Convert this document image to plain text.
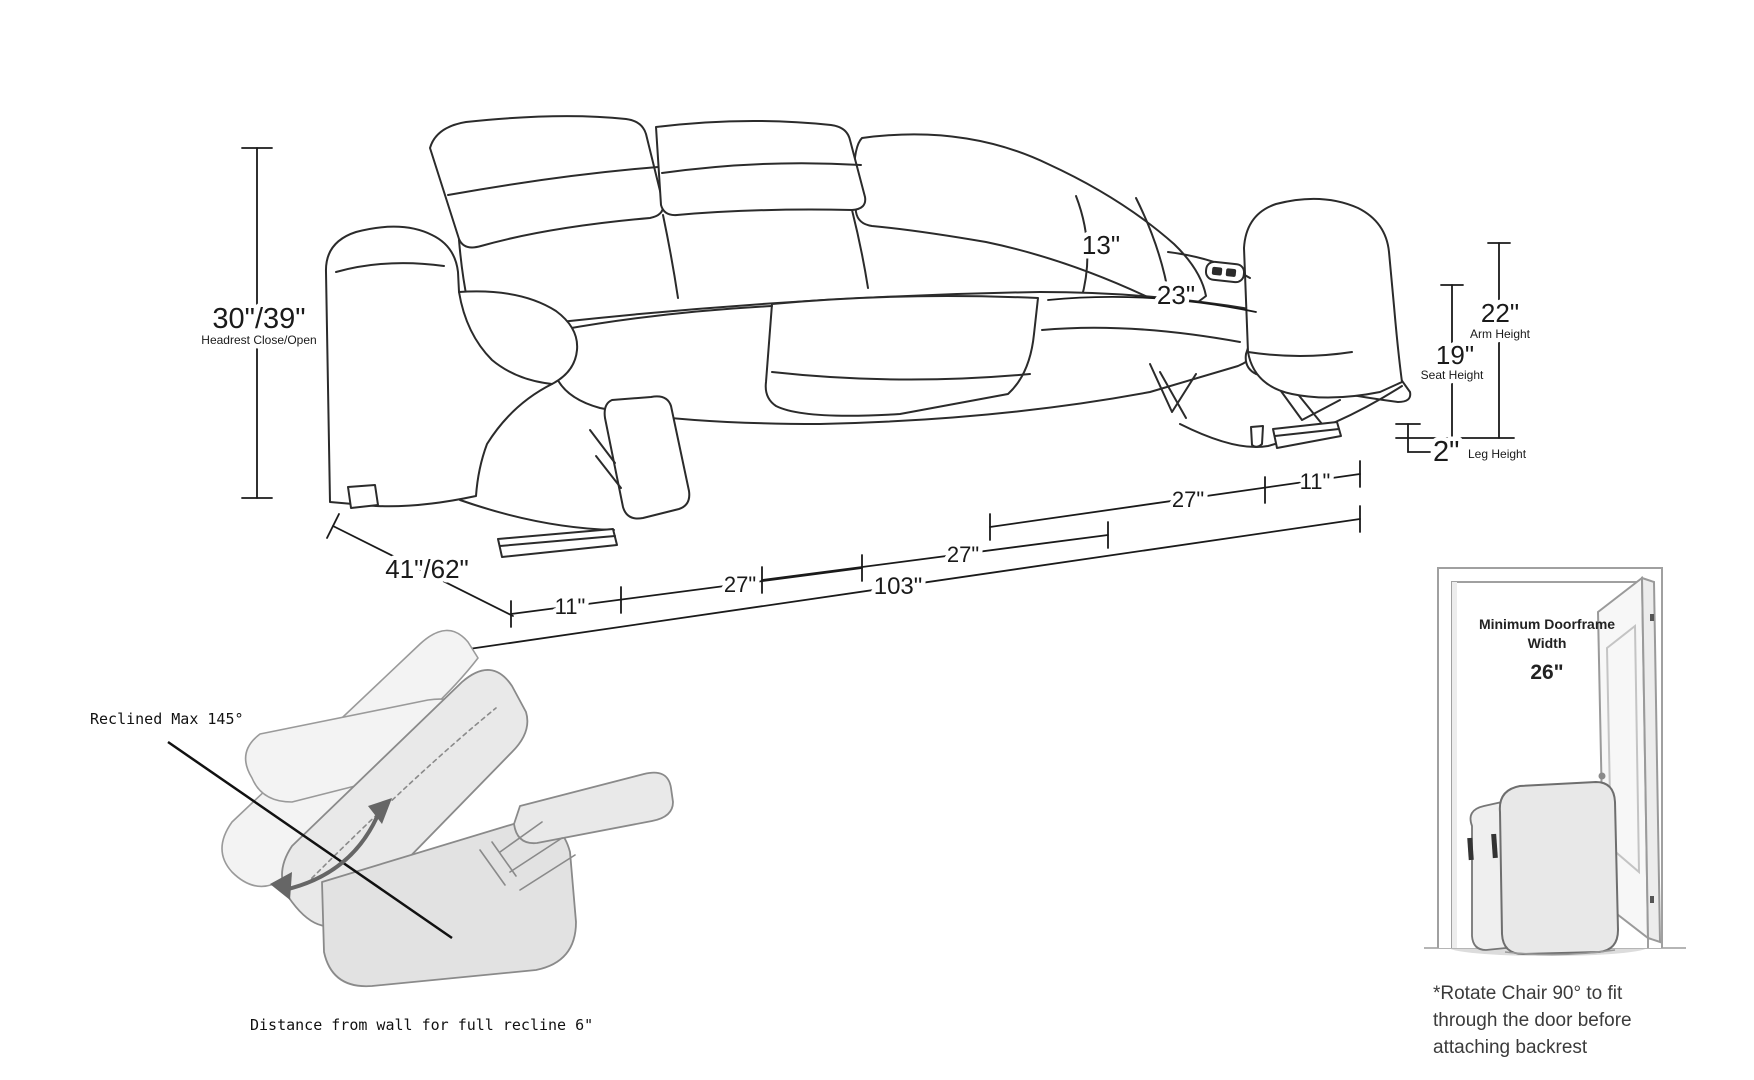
30"/39"
Headrest Close/Open
13"
23"
22"
Arm Height
19"
Seat Height
2" Leg Height
11"
27"
27"
27"
11"
103"
41"/62"
Reclined Max 145°
Distance from wall for full recline 6"
Minimum Doorframe
Width
26"
*Rotate Chair 90° to fit
through the door before
attaching backrest
